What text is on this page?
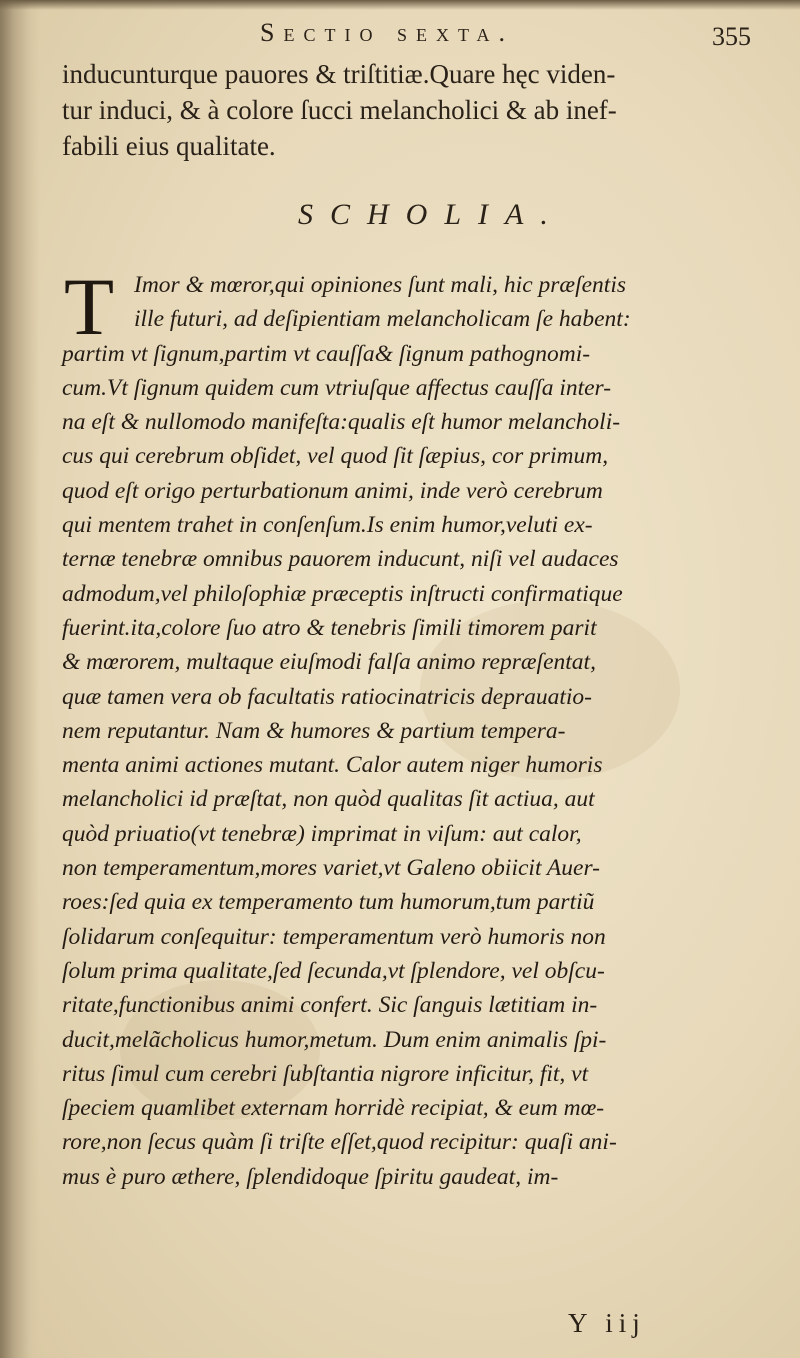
Sectio sexta.	355
inducunturque pauores & triſtitiæ.Quare hęc viden-
tur induci, & à colore ſucci melancholici & ab inef-
fabili eius qualitate.
SCHOLIA.
T Imor & mœror,qui opiniones ſunt mali, hic præſentis
ille futuri, ad deſipientiam melancholicam ſe habent:
partim vt ſignum,partim vt cauſſa& ſignum pathognomi-
cum.Vt ſignum quidem cum vtriuſque affectus cauſſa inter-
na eſt & nullomodo manifeſta:qualis eſt humor melancholi-
cus qui cerebrum obſidet, vel quod ſit ſæpius, cor primum,
quod eſt origo perturbationum animi, inde verò cerebrum
qui mentem trahet in conſenſum.Is enim humor,veluti ex-
ternæ tenebræ omnibus pauorem inducunt, niſi vel audaces
admodum,vel philoſophiæ præceptis inſtructi confirmatique
fuerint.ita,colore ſuo atro & tenebris ſimili timorem parit
& mœrorem, multaque eiuſmodi falſa animo repræſentat,
quæ tamen vera ob facultatis ratiocinatricis deprauatio-
nem reputantur. Nam & humores & partium tempera-
menta animi actiones mutant. Calor autem niger humoris
melancholici id præſtat, non quòd qualitas ſit actiua, aut
quòd priuatio(vt tenebræ) imprimat in viſum: aut calor,
non temperamentum,mores variet,vt Galeno obiicit Auer-
roes:ſed quia ex temperamento tum humorum,tum partiũ
ſolidarum conſequitur: temperamentum verò humoris non
ſolum prima qualitate,ſed ſecunda,vt ſplendore, vel obſcu-
ritate,functionibus animi confert. Sic ſanguis lætitiam in-
ducit,melãcholicus humor,metum. Dum enim animalis ſpi-
ritus ſimul cum cerebri ſubſtantia nigrore inficitur, fit, vt
ſpeciem quamlibet externam horridè recipiat, & eum mœ-
rore,non ſecus quàm ſi triſte eſſet,quod recipitur: quaſi ani-
mus è puro æthere, ſplendidoque ſpiritu gaudeat, im-
Y iij
